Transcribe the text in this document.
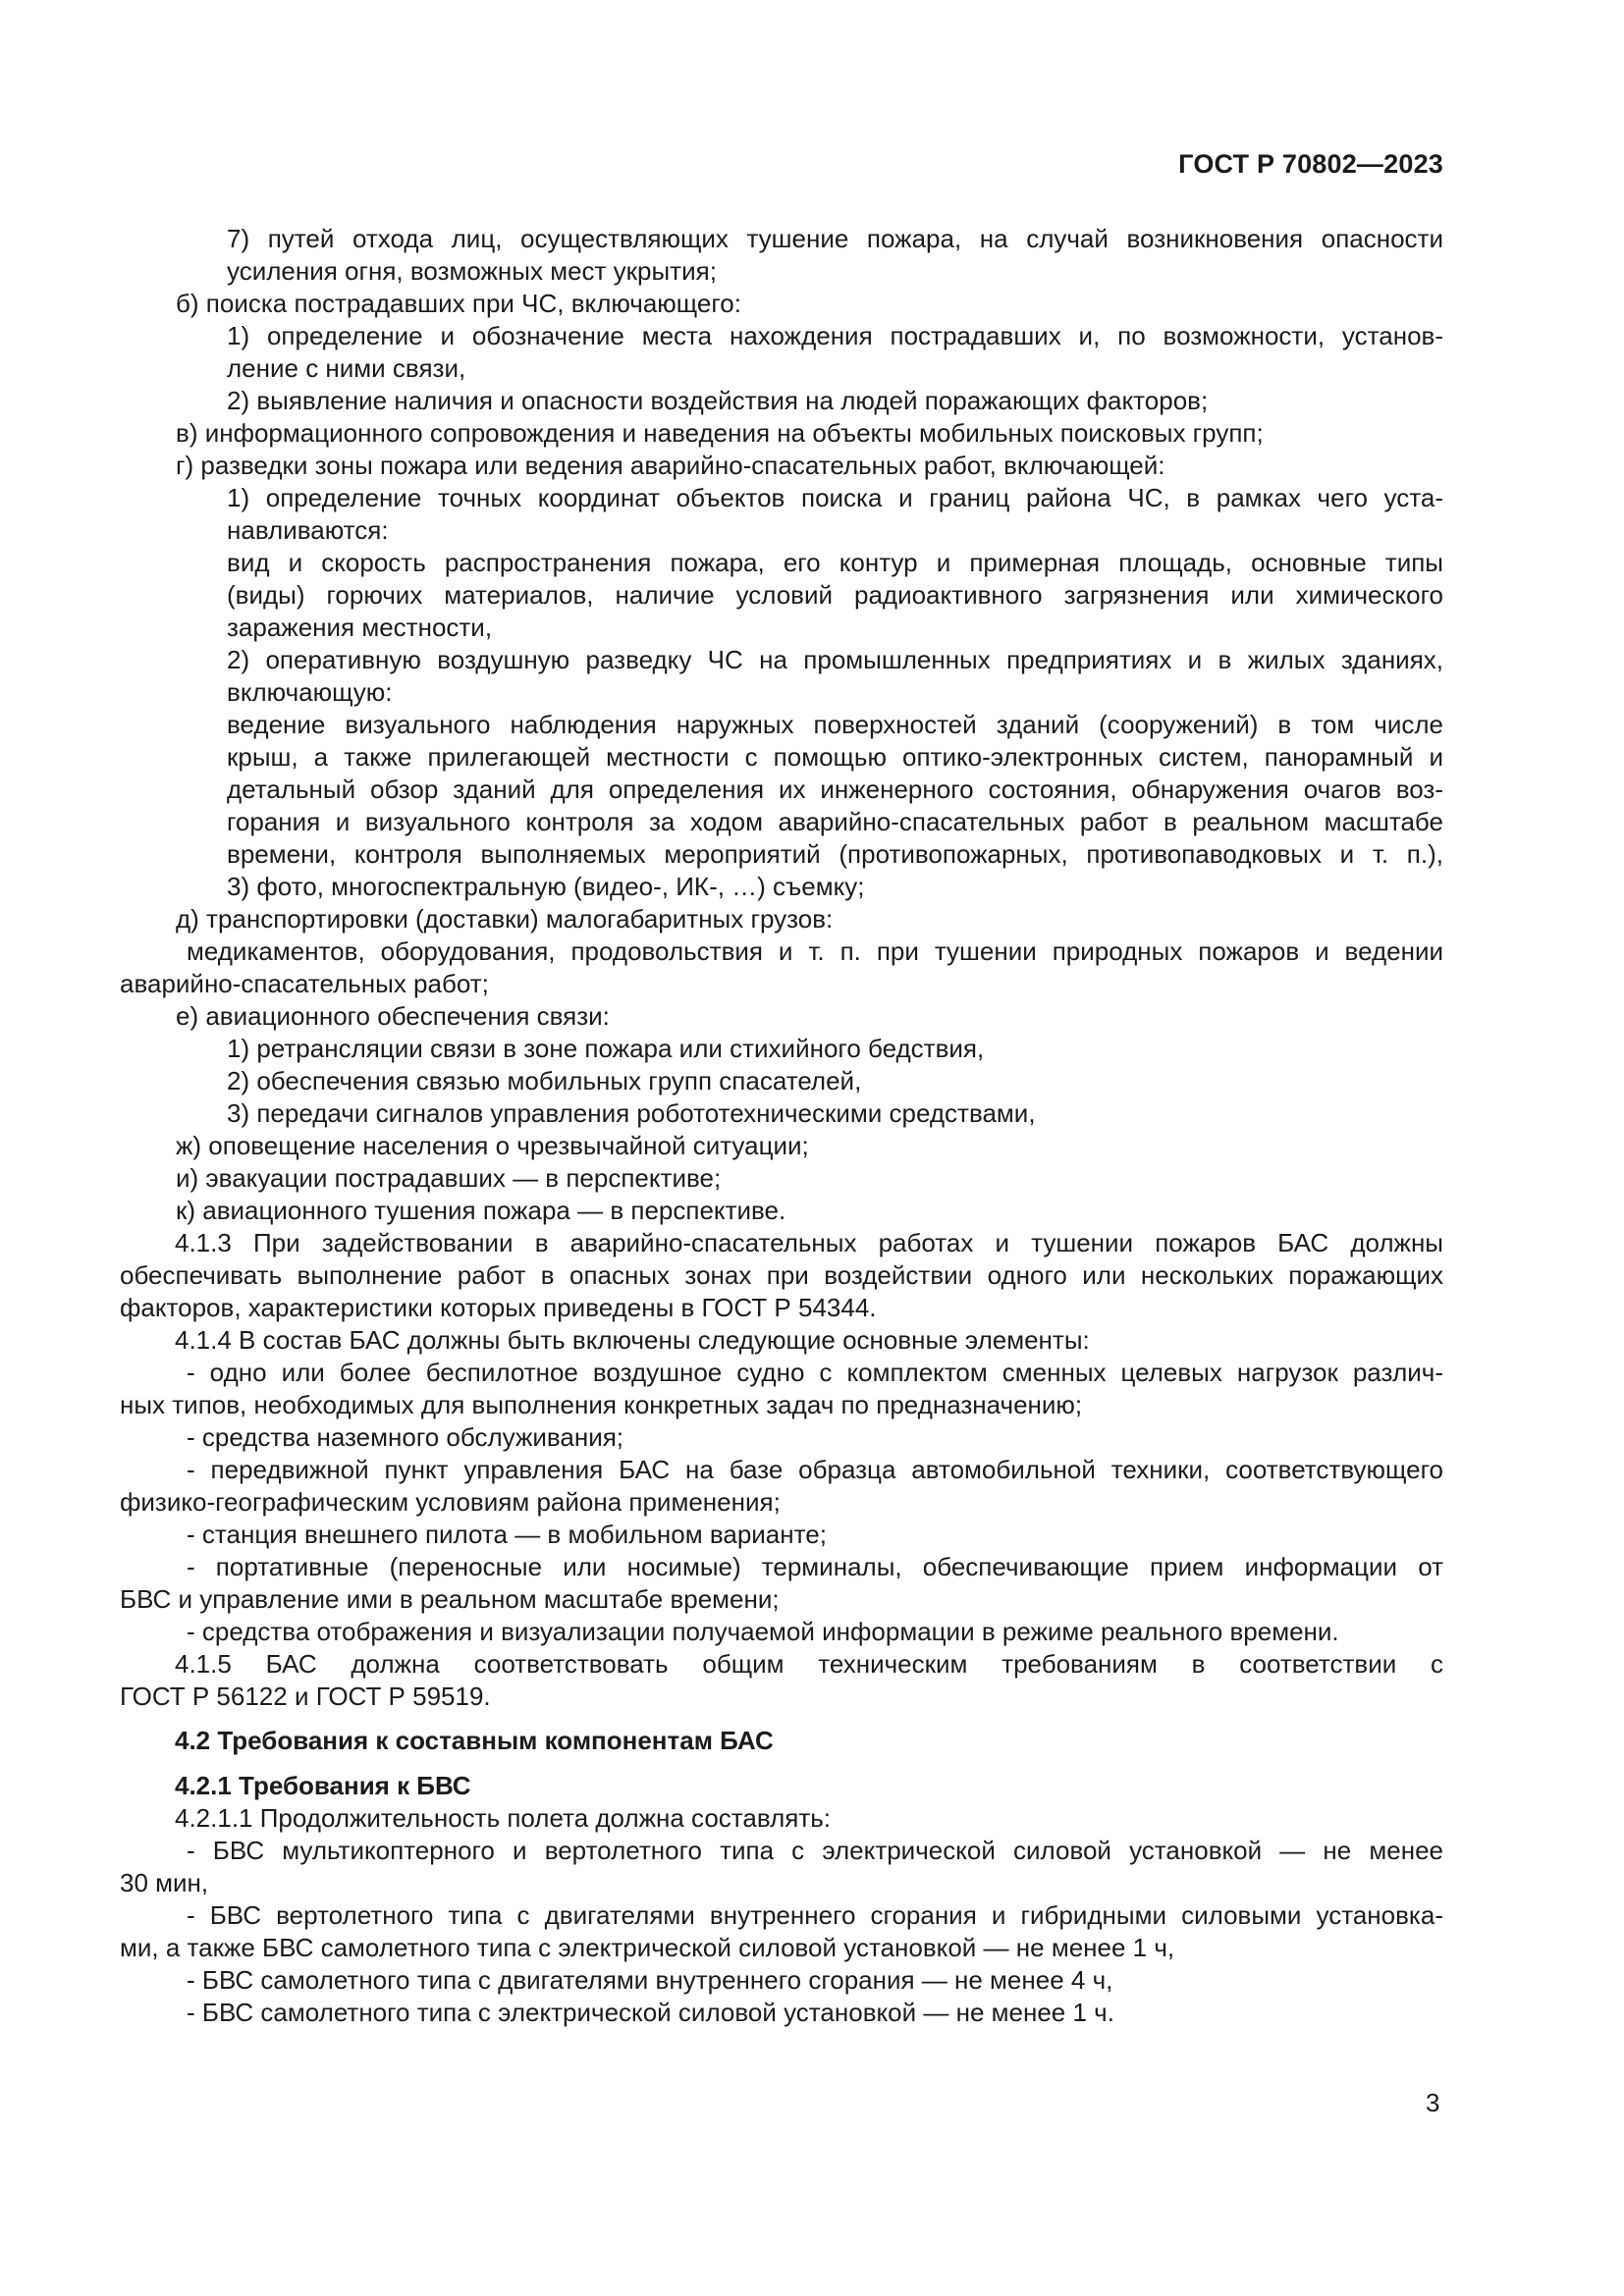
ГОСТ Р 70802—2023
7) путей отхода лиц, осуществляющих тушение пожара, на случай возникновения опасности
усиления огня, возможных мест укрытия;
б) поиска пострадавших при ЧС, включающего:
1) определение и обозначение места нахождения пострадавших и, по возможности, установ-
ление с ними связи,
2) выявление наличия и опасности воздействия на людей поражающих факторов;
в) информационного сопровождения и наведения на объекты мобильных поисковых групп;
г) разведки зоны пожара или ведения аварийно-спасательных работ, включающей:
1) определение точных координат объектов поиска и границ района ЧС, в рамках чего уста-
навливаются:
вид и скорость распространения пожара, его контур и примерная площадь, основные типы
(виды) горючих материалов, наличие условий радиоактивного загрязнения или химического
заражения местности,
2) оперативную воздушную разведку ЧС на промышленных предприятиях и в жилых зданиях,
включающую:
ведение визуального наблюдения наружных поверхностей зданий (сооружений) в том числе
крыш, а также прилегающей местности с помощью оптико-электронных систем, панорамный и
детальный обзор зданий для определения их инженерного состояния, обнаружения очагов воз-
горания и визуального контроля за ходом аварийно-спасательных работ в реальном масштабе
времени, контроля выполняемых мероприятий (противопожарных, противопаводковых и т. п.),
3) фото, многоспектральную (видео-, ИК-, …) съемку;
д) транспортировки (доставки) малогабаритных грузов:
медикаментов, оборудования, продовольствия и т. п. при тушении природных пожаров и ведении
аварийно-спасательных работ;
е) авиационного обеспечения связи:
1) ретрансляции связи в зоне пожара или стихийного бедствия,
2) обеспечения связью мобильных групп спасателей,
3) передачи сигналов управления робототехническими средствами,
ж) оповещение населения о чрезвычайной ситуации;
и) эвакуации пострадавших — в перспективе;
к) авиационного тушения пожара — в перспективе.
4.1.3 При задействовании в аварийно-спасательных работах и тушении пожаров БАС должны
обеспечивать выполнение работ в опасных зонах при воздействии одного или нескольких поражающих
факторов, характеристики которых приведены в ГОСТ Р 54344.
4.1.4 В состав БАС должны быть включены следующие основные элементы:
- одно или более беспилотное воздушное судно с комплектом сменных целевых нагрузок различ-
ных типов, необходимых для выполнения конкретных задач по предназначению;
- средства наземного обслуживания;
- передвижной пункт управления БАС на базе образца автомобильной техники, соответствующего
физико-географическим условиям района применения;
- станция внешнего пилота — в мобильном варианте;
- портативные (переносные или носимые) терминалы, обеспечивающие прием информации от
БВС и управление ими в реальном масштабе времени;
- средства отображения и визуализации получаемой информации в режиме реального времени.
4.1.5 БАС должна соответствовать общим техническим требованиям в соответствии с
ГОСТ Р 56122 и ГОСТ Р 59519.
4.2 Требования к составным компонентам БАС
4.2.1 Требования к БВС
4.2.1.1 Продолжительность полета должна составлять:
- БВС мультикоптерного и вертолетного типа с электрической силовой установкой — не менее
30 мин,
- БВС вертолетного типа с двигателями внутреннего сгорания и гибридными силовыми установка-
ми, а также БВС самолетного типа с электрической силовой установкой — не менее 1 ч,
- БВС самолетного типа с двигателями внутреннего сгорания — не менее 4 ч,
- БВС самолетного типа с электрической силовой установкой — не менее 1 ч.
3
